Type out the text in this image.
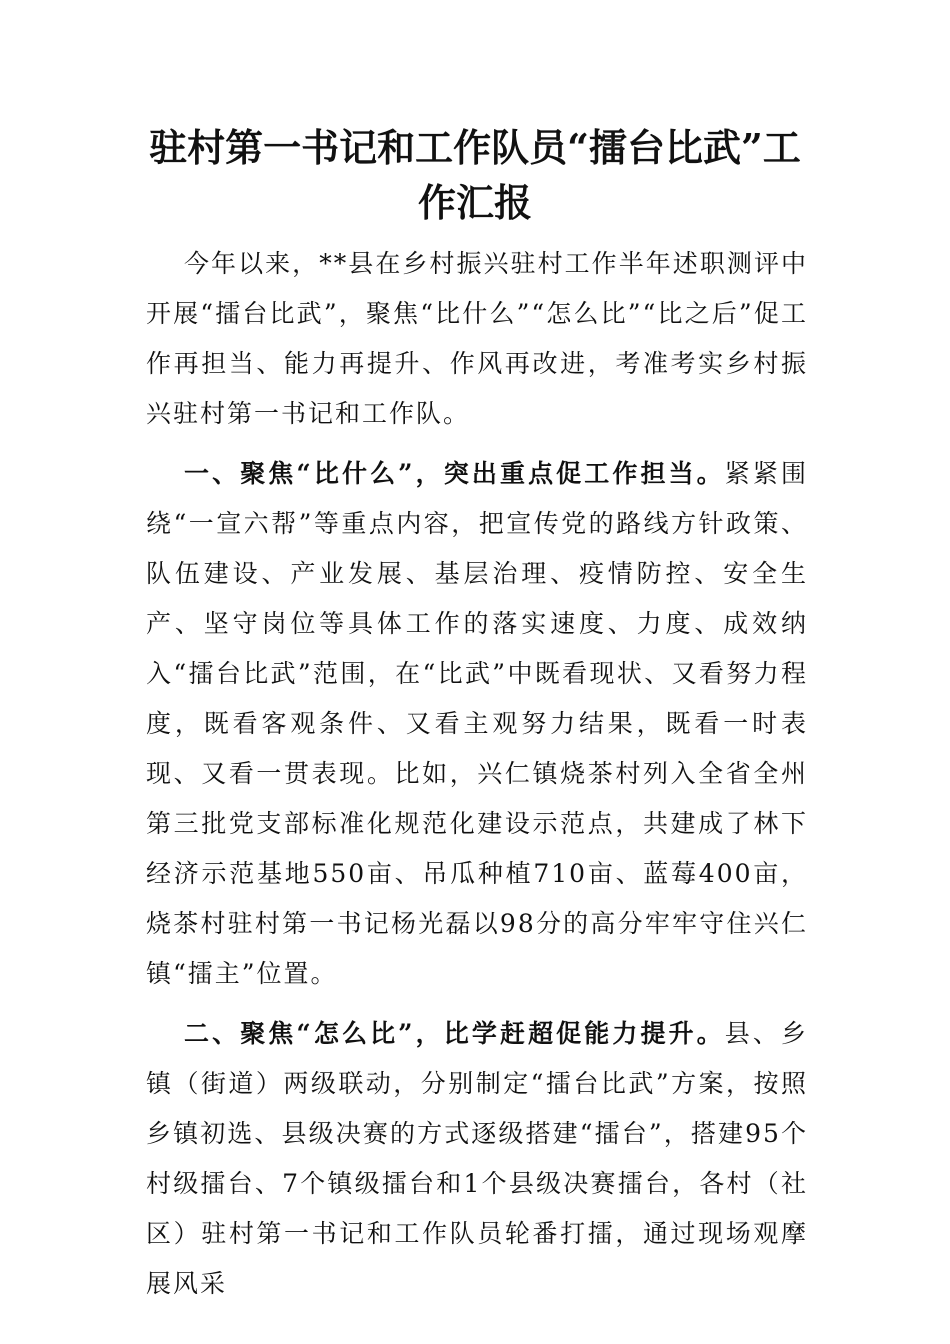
驻村第一书记和工作队员“擂台比武”工作汇报

今年以来，**县在乡村振兴驻村工作半年述职测评中开展“擂台比武”，聚焦“比什么”“怎么比”“比之后”促工作再担当、能力再提升、作风再改进，考准考实乡村振兴驻村第一书记和工作队。

一、聚焦“比什么”，突出重点促工作担当。紧紧围绕“一宣六帮”等重点内容，把宣传党的路线方针政策、队伍建设、产业发展、基层治理、疫情防控、安全生产、坚守岗位等具体工作的落实速度、力度、成效纳入“擂台比武”范围，在“比武”中既看现状、又看努力程度，既看客观条件、又看主观努力结果，既看一时表现、又看一贯表现。比如，兴仁镇烧茶村列入全省全州第三批党支部标准化规范化建设示范点，共建成了林下经济示范基地550亩、吊瓜种植710亩、蓝莓400亩，烧茶村驻村第一书记杨光磊以98分的高分牢牢守住兴仁镇“擂主”位置。

二、聚焦“怎么比”，比学赶超促能力提升。县、乡镇（街道）两级联动，分别制定“擂台比武”方案，按照乡镇初选、县级决赛的方式逐级搭建“擂台”，搭建95个村级擂台、7个镇级擂台和1个县级决赛擂台，各村（社区）驻村第一书记和工作队员轮番打擂，通过现场观摩展风采
